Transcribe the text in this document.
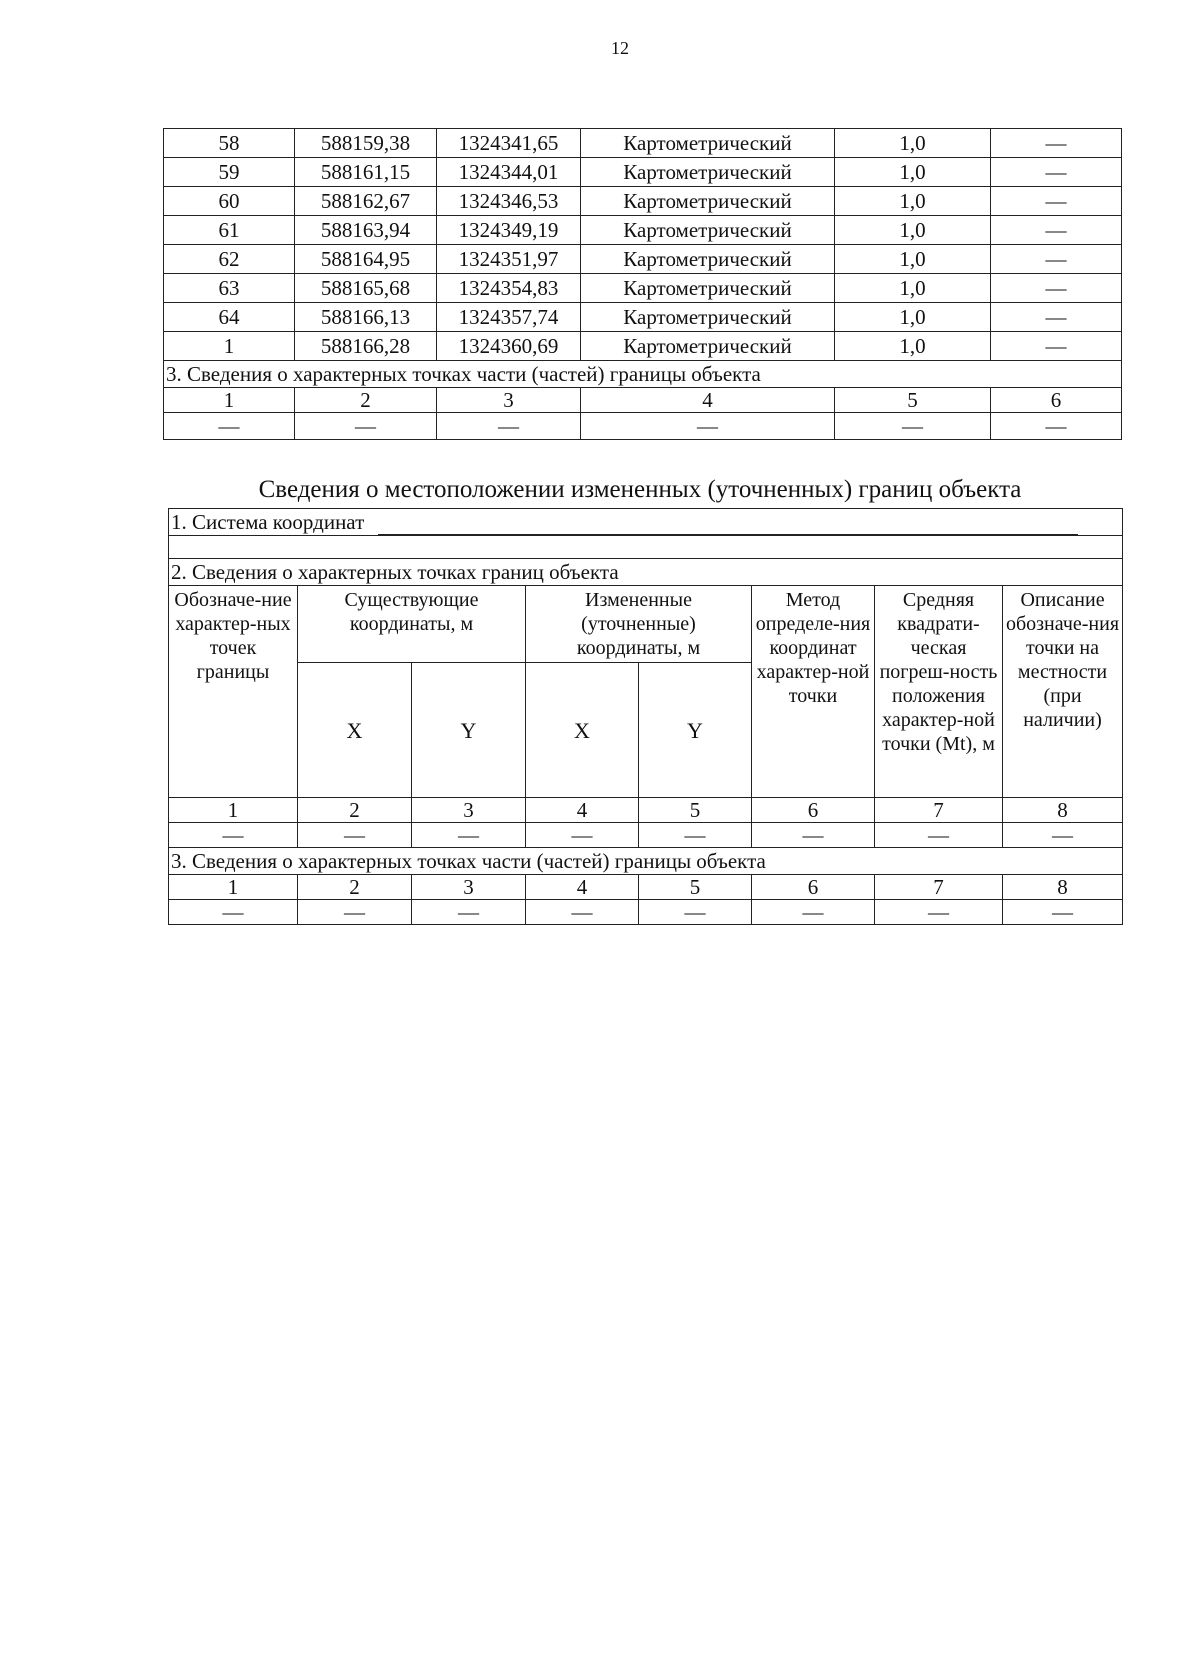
12
58	588159,38	1324341,65	Картометрический	1,0	—
59	588161,15	1324344,01	Картометрический	1,0	—
60	588162,67	1324346,53	Картометрический	1,0	—
61	588163,94	1324349,19	Картометрический	1,0	—
62	588164,95	1324351,97	Картометрический	1,0	—
63	588165,68	1324354,83	Картометрический	1,0	—
64	588166,13	1324357,74	Картометрический	1,0	—
1	588166,28	1324360,69	Картометрический	1,0	—
3. Сведения о характерных точках части (частей) границы объекта					
1	2	3	4	5	6
—	—	—	—	—	—
Сведения о местоположении измененных (уточненных) границ объекта
1. Система координат							

2. Сведения о характерных точках границ объекта							
Обозначе-ние характер-ных точек границы	Существующие координаты, м		Измененные (уточненные) координаты, м		Метод определе-ния координат характер-ной точки	Средняя квадрати-ческая погреш-ность положения характер-ной точки (Mt), м	Описание обозначе-ния точки на местности (при наличии)
	X	Y	X	Y			
1	2	3	4	5	6	7	8
—	—	—	—	—	—	—	—
3. Сведения о характерных точках части (частей) границы объекта							
1	2	3	4	5	6	7	8
—	—	—	—	—	—	—	—
